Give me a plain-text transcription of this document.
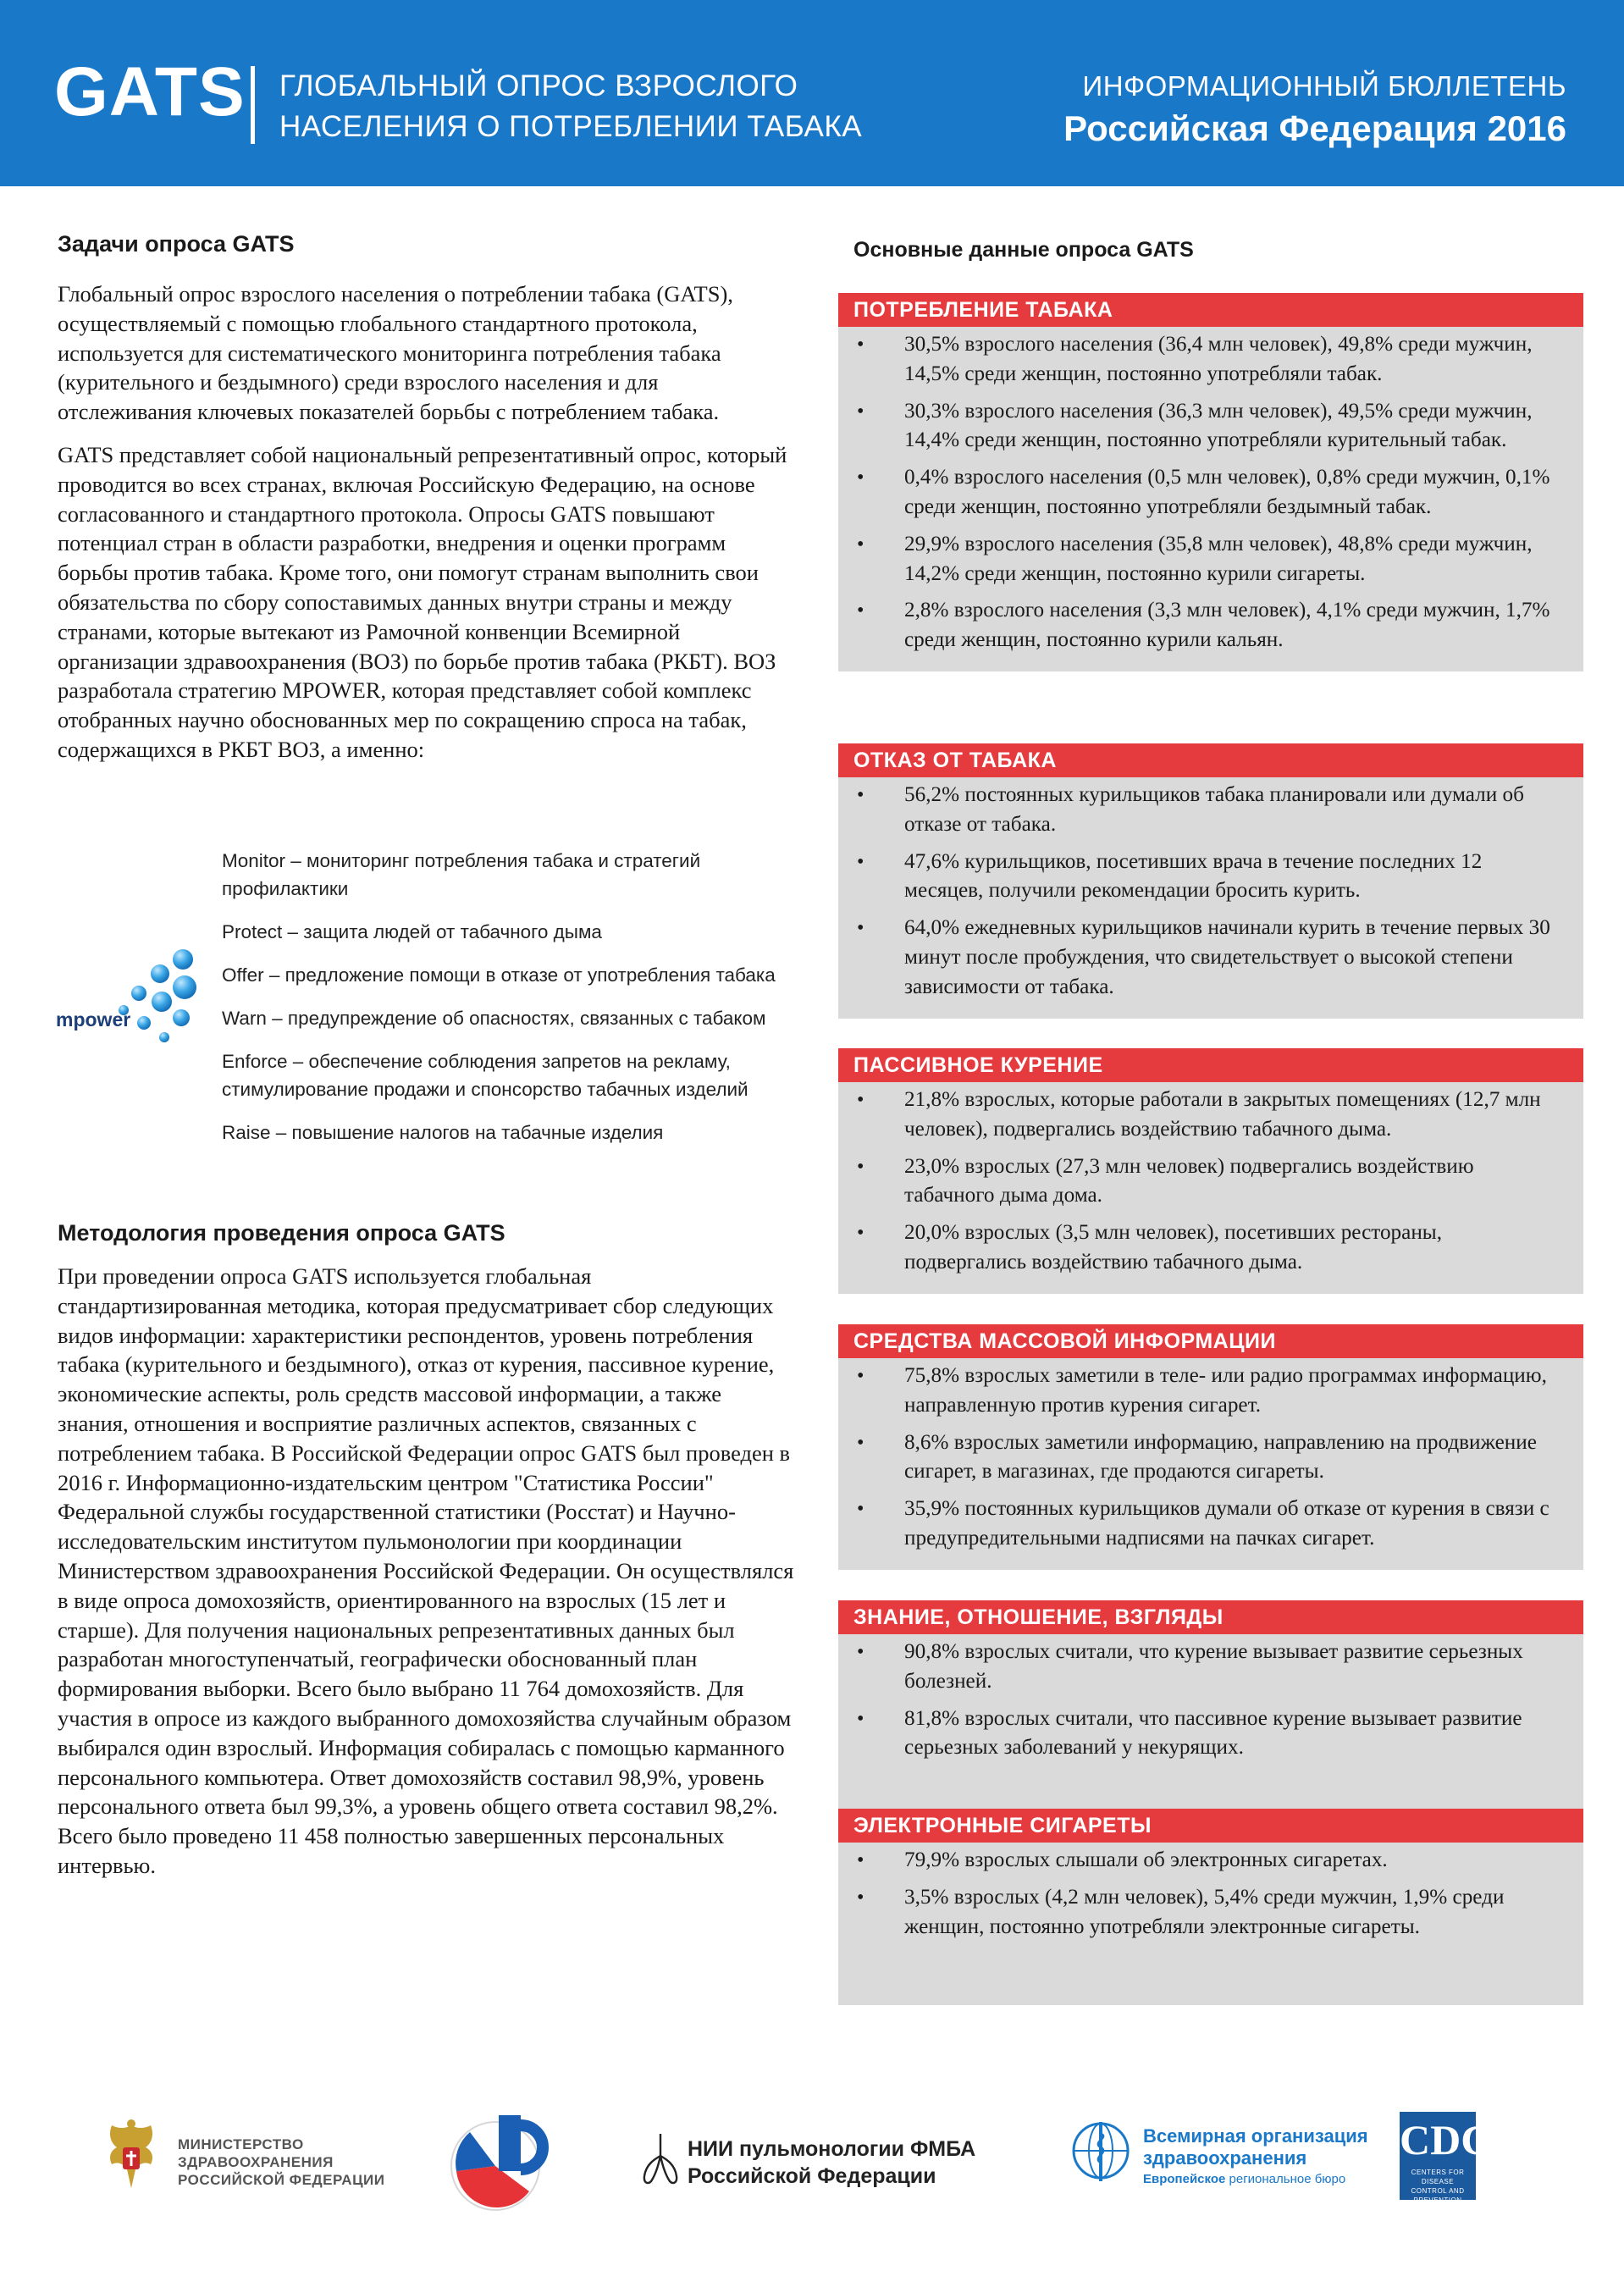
GATS ГЛОБАЛЬНЫЙ ОПРОС ВЗРОСЛОГО
НАСЕЛЕНИЯ О ПОТРЕБЛЕНИИ ТАБАКА
ИНФОРМАЦИОННЫЙ БЮЛЛЕТЕНЬ
Российская Федерация 2016
Задачи опроса GATS

Глобальный опрос взрослого населения о потреблении табака (GATS), осуществляемый с помощью глобального стандартного протокола, используется для систематического мониторинга потребления табака (курительного и бездымного) среди взрослого населения и для отслеживания ключевых показателей борьбы с потреблением табака.

GATS представляет собой национальный репрезентативный опрос, который проводится во всех странах, включая Российскую Федерацию, на основе согласованного и стандартного протокола. Опросы GATS повышают потенциал стран в области разработки, внедрения и оценки программ борьбы против табака. Кроме того, они помогут странам выполнить свои обязательства по сбору сопоставимых данных внутри страны и между странами, которые вытекают из Рамочной конвенции Всемирной организации здравоохранения (ВОЗ) по борьбе против табака (РКБТ). ВОЗ разработала стратегию MPOWER, которая представляет собой комплекс отобранных научно обоснованных мер по сокращению спроса на табак, содержащихся в РКБТ ВОЗ, а именно:

mpower
Monitor – мониторинг потребления табака и стратегий профилактики
Protect – защита людей от табачного дыма
Offer – предложение помощи в отказе от употребления табака
Warn – предупреждение об опасностях, связанных с табаком
Enforce – обеспечение соблюдения запретов на рекламу, стимулирование продажи и спонсорство табачных изделий
Raise – повышение налогов на табачные изделия
Методология проведения опроса GATS

При проведении опроса GATS используется глобальная стандартизированная методика, которая предусматривает сбор следующих видов информации: характеристики респондентов, уровень потребления табака (курительного и бездымного), отказ от курения, пассивное курение, экономические аспекты, роль средств массовой информации, а также знания, отношения и восприятие различных аспектов, связанных с потреблением табака. В Российской Федерации опрос GATS был проведен в 2016 г. Информационно-издательским центром "Статистика России" Федеральной службы государственной статистики (Росстат) и Научно-исследовательским институтом пульмонологии при координации Министерством здравоохранения Российской Федерации. Он осуществлялся в виде опроса домохозяйств, ориентированного на взрослых (15 лет и старше). Для получения национальных репрезентативных данных был разработан многоступенчатый, географически обоснованный план формирования выборки. Всего было выбрано 11 764 домохозяйств. Для участия в опросе из каждого выбранного домохозяйства случайным образом выбирался один взрослый. Информация собиралась с помощью карманного персонального компьютера. Ответ домохозяйств составил 98,9%, уровень персонального ответа был 99,3%, а уровень общего ответа составил 98,2%. Всего было проведено 11 458 полностью завершенных персональных интервью.

Основные данные опроса GATS
ПОТРЕБЛЕНИЕ ТАБАКА
• 30,5% взрослого населения (36,4 млн человек), 49,8% среди мужчин, 14,5% среди женщин, постоянно употребляли табак.
• 30,3% взрослого населения (36,3 млн человек), 49,5% среди мужчин, 14,4% среди женщин, постоянно употребляли курительный табак.
• 0,4% взрослого населения (0,5 млн человек), 0,8% среди мужчин, 0,1% среди женщин, постоянно употребляли бездымный табак.
• 29,9% взрослого населения (35,8 млн человек), 48,8% среди мужчин, 14,2% среди женщин, постоянно курили сигареты.
• 2,8% взрослого населения (3,3 млн человек), 4,1% среди мужчин, 1,7% среди женщин, постоянно курили кальян.
ОТКАЗ ОТ ТАБАКА
• 56,2% постоянных курильщиков табака планировали или думали об отказе от табака.
• 47,6% курильщиков, посетивших врача в течение последних 12 месяцев, получили рекомендации бросить курить.
• 64,0% ежедневных курильщиков начинали курить в течение первых 30 минут после пробуждения, что свидетельствует о высокой степени зависимости от табака.
ПАССИВНОЕ КУРЕНИЕ
• 21,8% взрослых, которые работали в закрытых помещениях (12,7 млн человек), подвергались воздействию табачного дыма.
• 23,0% взрослых (27,3 млн человек) подвергались воздействию табачного дыма дома.
• 20,0% взрослых (3,5 млн человек), посетивших рестораны, подвергались воздействию табачного дыма.
СРЕДСТВА МАССОВОЙ ИНФОРМАЦИИ
• 75,8% взрослых заметили в теле- или радио программах информацию, направленную против курения сигарет.
• 8,6% взрослых заметили информацию, направлению на продвижение сигарет, в магазинах, где продаются сигареты.
• 35,9% постоянных курильщиков думали об отказе от курения в связи с предупредительными надписями на пачках сигарет.
ЗНАНИЕ, ОТНОШЕНИЕ, ВЗГЛЯДЫ
• 90,8% взрослых считали, что курение вызывает развитие серьезных болезней.
• 81,8% взрослых считали, что пассивное курение вызывает развитие серьезных заболеваний у некурящих.
ЭЛЕКТРОННЫЕ СИГАРЕТЫ
• 79,9% взрослых слышали об электронных сигаретах.
• 3,5% взрослых (4,2 млн человек), 5,4% среди мужчин, 1,9% среди женщин, постоянно употребляли электронные сигареты.
МИНИСТЕРСТВО
ЗДРАВООХРАНЕНИЯ
РОССИЙСКОЙ ФЕДЕРАЦИИ
НИИ пульмонологии ФМБА
Российской Федерации
Всемирная организация
здравоохранения
Европейское региональное бюро
CDC
CENTERS FOR DISEASE
CONTROL AND PREVENTION
